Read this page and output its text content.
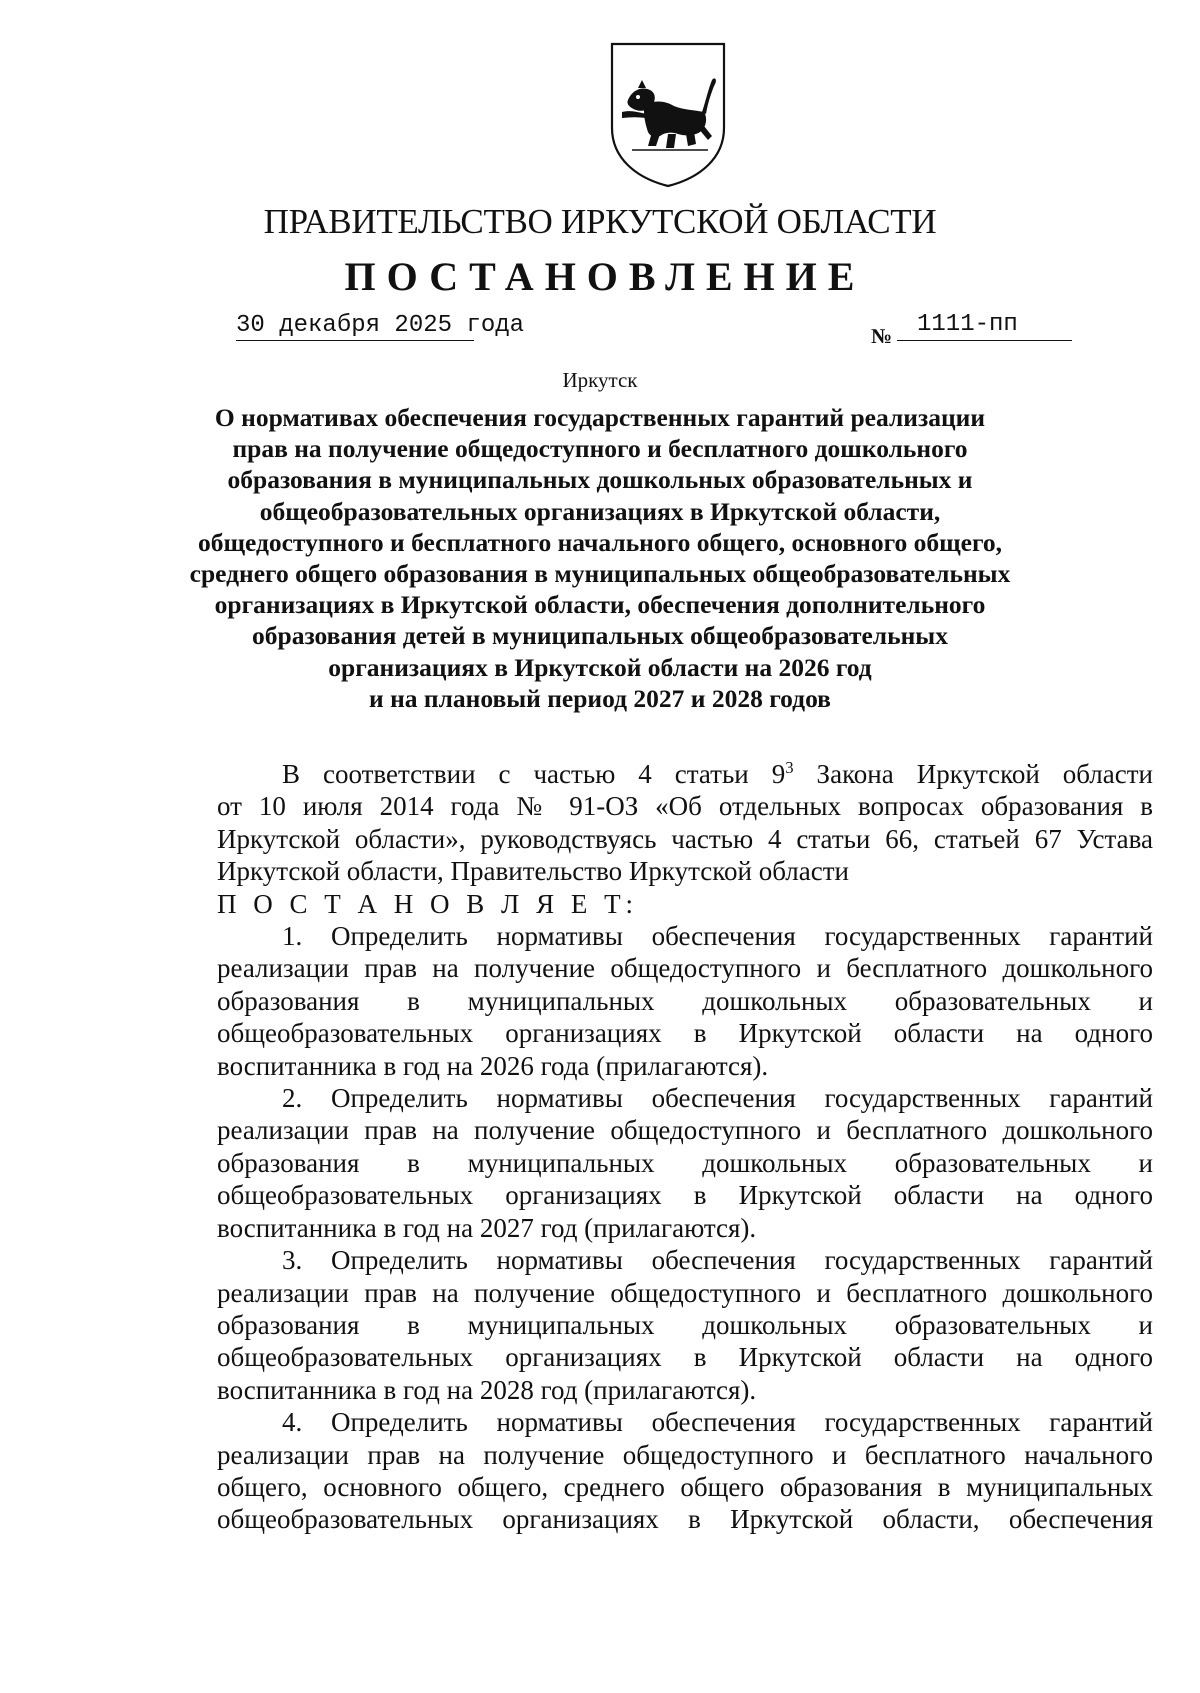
ПРАВИТЕЛЬСТВО ИРКУТСКОЙ ОБЛАСТИ
ПОСТАНОВЛЕНИЕ
30 декабря 2025 года	№	1111-пп
Иркутск
О нормативах обеспечения государственных гарантий реализации
прав на получение общедоступного и бесплатного дошкольного
образования в муниципальных дошкольных образовательных и
общеобразовательных организациях в Иркутской области,
общедоступного и бесплатного начального общего, основного общего,
среднего общего образования в муниципальных общеобразовательных
организациях в Иркутской области, обеспечения дополнительного
образования детей в муниципальных общеобразовательных
организациях в Иркутской области на 2026 год
и на плановый период 2027 и 2028 годов

В соответствии с частью 4 статьи $9^3$ Закона Иркутской области
от 10 июля 2014 года № 91-ОЗ «Об отдельных вопросах образования в
Иркутской области», руководствуясь частью 4 статьи 66, статьей 67 Устава
Иркутской области, Правительство Иркутской области

П О С Т А Н О В Л Я Е Т:

1. Определить нормативы обеспечения государственных гарантий
реализации прав на получение общедоступного и бесплатного дошкольного
образования в муниципальных дошкольных образовательных и
общеобразовательных организациях в Иркутской области на одного
воспитанника в год на 2026 года (прилагаются).

2. Определить нормативы обеспечения государственных гарантий
реализации прав на получение общедоступного и бесплатного дошкольного
образования в муниципальных дошкольных образовательных и
общеобразовательных организациях в Иркутской области на одного
воспитанника в год на 2027 год (прилагаются).

3. Определить нормативы обеспечения государственных гарантий
реализации прав на получение общедоступного и бесплатного дошкольного
образования в муниципальных дошкольных образовательных и
общеобразовательных организациях в Иркутской области на одного
воспитанника в год на 2028 год (прилагаются).

4. Определить нормативы обеспечения государственных гарантий
реализации прав на получение общедоступного и бесплатного начального
общего, основного общего, среднего общего образования в муниципальных
общеобразовательных организациях в Иркутской области, обеспечения
